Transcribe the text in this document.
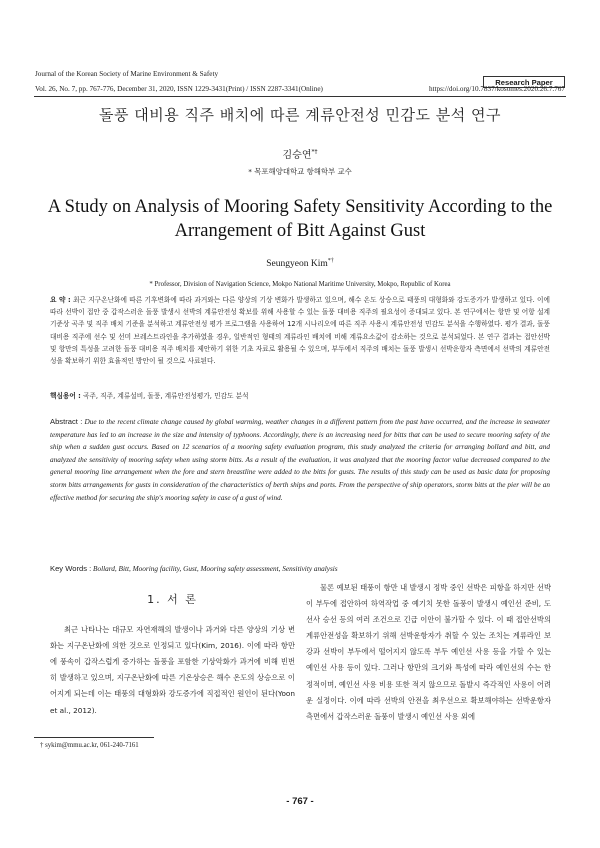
Journal of the Korean Society of Marine Environment & Safety
Research Paper
Vol. 26, No. 7, pp. 767-776, December 31, 2020, ISSN 1229-3431(Print) / ISSN 2287-3341(Online)	https://doi.org/10.7837/kosomes.2020.26.7.767
돌풍 대비용 직주 배치에 따른 계류안전성 민감도 분석 연구
김승연*†
* 목포해양대학교 항해학부 교수
A Study on Analysis of Mooring Safety Sensitivity According to the
Arrangement of Bitt Against Gust
Seungyeon Kim*†
* Professor, Division of Navigation Science, Mokpo National Maritime University, Mokpo, Republic of Korea
요 약 : 최근 지구온난화에 따른 기후변화에 따라 과거와는 다른 양상의 기상 변화가 발생하고 있으며, 해수 온도 상승으로 태풍의 대형화와 강도증가가 발생하고 있다. 이에 따라 선박이 접안 중 갑작스러운 돌풍 발생시 선박의 계류안전성 확보를 위해 사용할 수 있는 돌풍 대비용 직주의 필요성이 증대되고 있다. 본 연구에서는 항만 및 어항 설계기준상 곡주 및 직주 배치 기준을 분석하고 계류안전성 평가 프로그램을 사용하여 12개 시나리오에 따른 직주 사용시 계류안전성 민감도 분석을 수행하였다. 평가 결과, 돌풍 대비용 직주에 선수 및 선미 브레스트라인을 추가하였을 경우, 일반적인 형태의 계류라인 배치에 비해 계류요소값이 감소하는 것으로 분석되었다. 본 연구 결과는 접안선박 및 항만의 특성을 고려한 돌풍 대비용 직주 배치를 제안하기 위한 기초 자료로 활용될 수 있으며, 부두에서 직주의 배치는 돌풍 발생시 선박운항자 측면에서 선박의 계류안전성을 확보하기 위한 효율적인 방안이 될 것으로 사료된다.
핵심용어 : 곡주, 직주, 계류설비, 돌풍, 계류안전성평가, 민감도 분석
Abstract : Due to the recent climate change caused by global warming, weather changes in a different pattern from the past have occurred, and the increase in seawater temperature has led to an increase in the size and intensity of typhoons. Accordingly, there is an increasing need for bitts that can be used to secure mooring safety of the ship when a sudden gust occurs. Based on 12 scenarios of a mooring safety evaluation program, this study analyzed the criteria for arranging bollard and bitt, and analyzed the sensitivity of mooring safety when using storm bitts. As a result of the evaluation, it was analyzed that the mooring factor value decreased compared to the general mooring line arrangement when the fore and stern breastline were added to the bitts for gusts. The results of this study can be used as basic data for proposing storm bitts arrangements for gusts in consideration of the characteristics of berth ships and ports. From the perspective of ship operators, storm bitts at the pier will be an effective method for securing the ship's mooring safety in case of a gust of wind.
Key Words : Bollard, Bitt, Mooring facility, Gust, Mooring safety assessment, Sensitivity analysis
1. 서 론
최근 나타나는 대규모 자연재해의 발생이나 과거와 다른 양상의 기상 변화는 지구온난화에 의한 것으로 인정되고 있다(Kim, 2016). 이에 따라 항만에 풍속이 갑작스럽게 증가하는 돌풍을 포함한 기상악화가 과거에 비해 빈번히 발생하고 있으며, 지구온난화에 따른 기온상승은 해수 온도의 상승으로 이어지게 되는데 이는 태풍의 대형화와 강도증가에 직접적인 원인이 된다(Yoon et al., 2012).
물론 예보된 태풍이 항만 내 발생시 정박 중인 선박은 피항을 하지만 선박이 부두에 접안하여 하역작업 중 예기치 못한 돌풍이 발생시 예인선 준비, 도선사 승선 등의 여러 조건으로 긴급 이안이 불가할 수 있다. 이 때 접안선박의 계류안전성을 확보하기 위해 선박운항자가 취할 수 있는 조치는 계류라인 보강과 선박이 부두에서 떨어지지 않도록 부두 예인선 사용 등을 가할 수 있는 예인선 사용 등이 있다. 그러나 항만의 크기와 특성에 따라 예인선의 수는 한정적이며, 예인선 사용 비용 또한 적지 않으므로 돌발시 즉각적인 사용이 어려운 실정이다. 이에 따라 선박의 안전을 최우선으로 확보해야하는 선박운항자 측면에서 갑작스러운 돌풍이 발생시 예인선 사용 외에
† sykim@mmu.ac.kr, 061-240-7161
- 767 -
